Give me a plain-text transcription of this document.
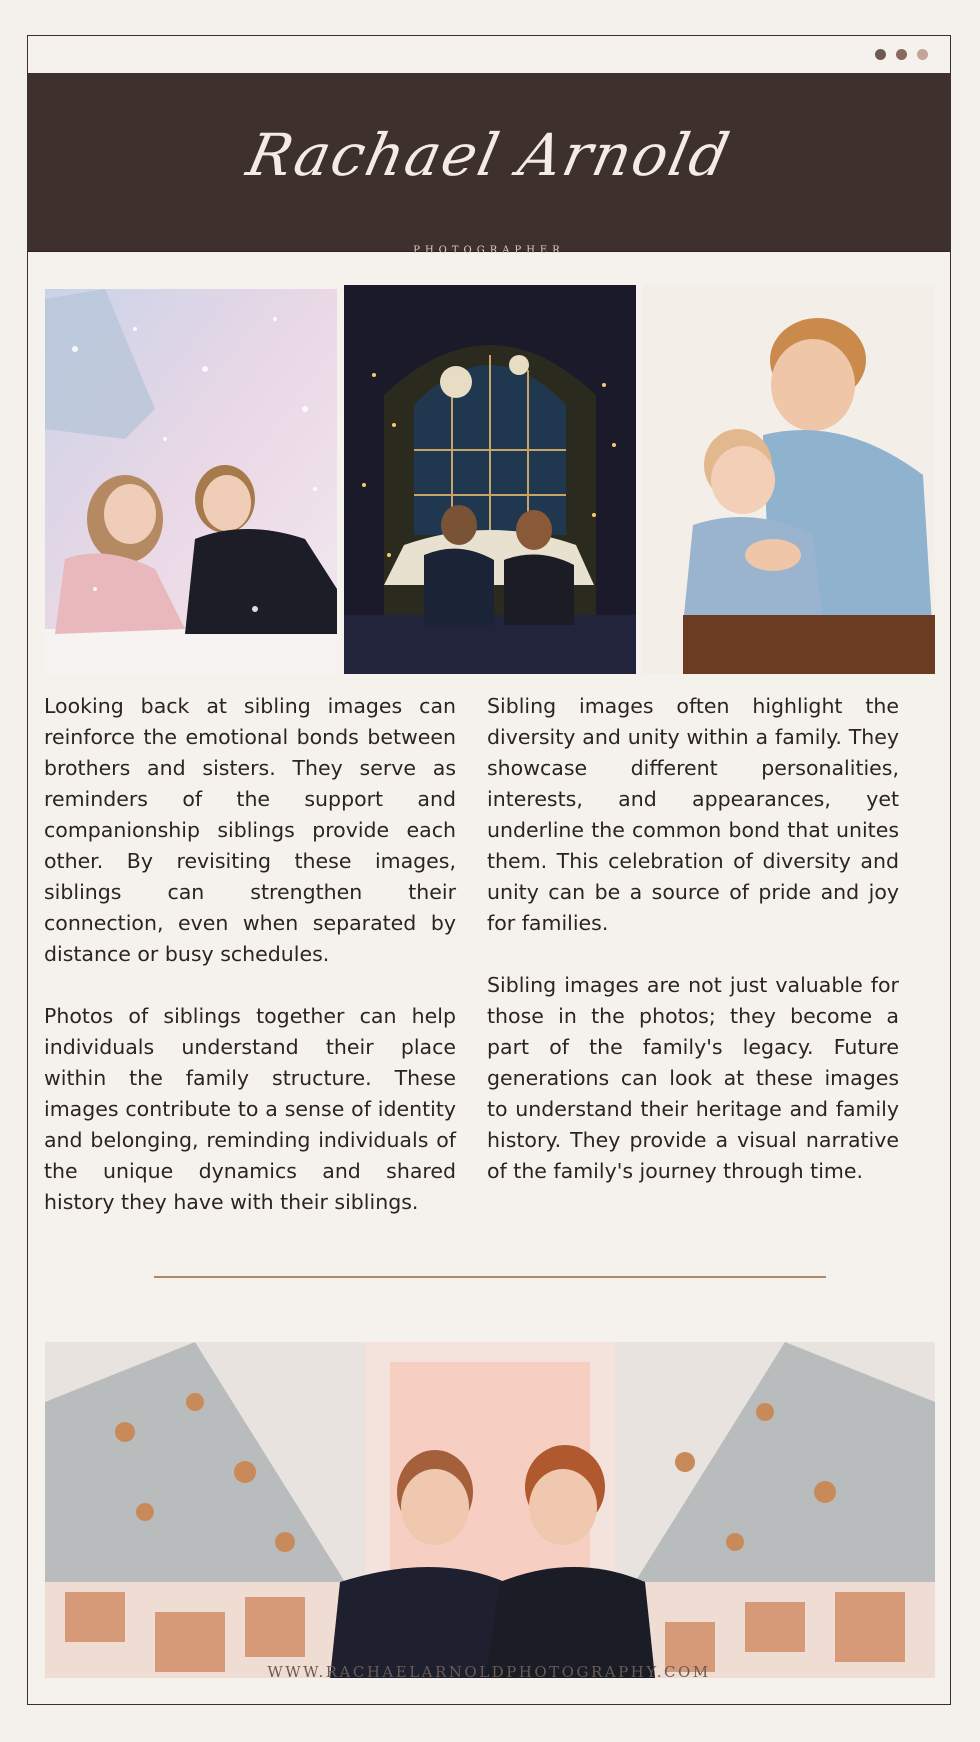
Rachael Arnold
PHOTOGRAPHER

Looking back at sibling images can reinforce the emotional bonds between brothers and sisters. They serve as reminders of the support and companionship siblings provide each other. By revisiting these images, siblings can strengthen their connection, even when separated by distance or busy schedules.

Photos of siblings together can help individuals understand their place within the family structure. These images contribute to a sense of identity and belonging, reminding individuals of the unique dynamics and shared history they have with their siblings.

Sibling images often highlight the diversity and unity within a family. They showcase different personalities, interests, and appearances, yet underline the common bond that unites them. This celebration of diversity and unity can be a source of pride and joy for families.

Sibling images are not just valuable for those in the photos; they become a part of the family's legacy. Future generations can look at these images to understand their heritage and family history. They provide a visual narrative of the family's journey through time.

WWW.RACHAELARNOLDPHOTOGRAPHY.COM
